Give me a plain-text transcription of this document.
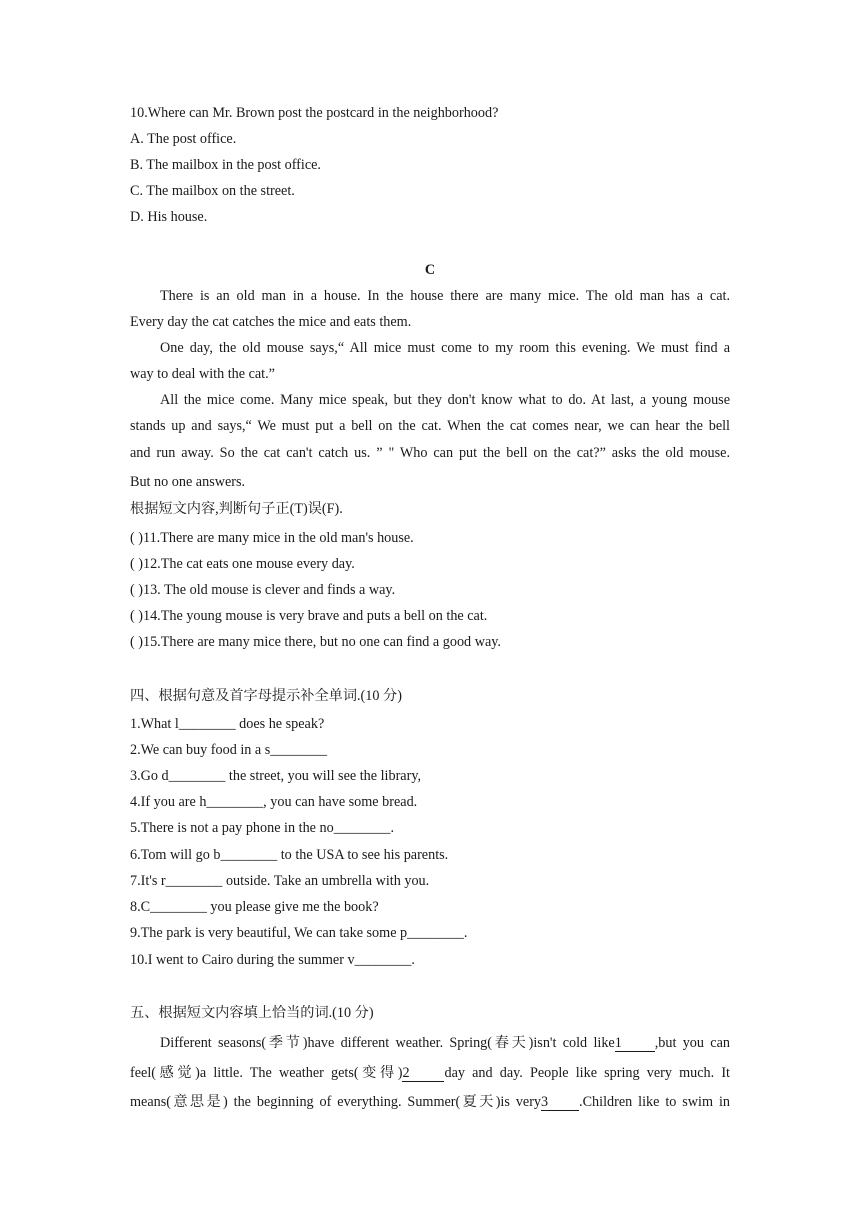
10.Where can Mr. Brown post the postcard in the neighborhood?
A. The post office.
B. The mailbox in the post office.
C. The mailbox on the street.
D. His house.
C
There is an old man in a house. In the house there are many mice. The old man has a cat.
Every day the cat catches the mice and eats them.
One day, the old mouse says,“ All mice must come to my room this evening. We must find a
way to deal with the cat.”
All the mice come. Many mice speak, but they don't know what to do. At last, a young mouse
stands up and says,“ We must put a bell on the cat. When the cat comes near, we can hear the bell
and run away. So the cat can't catch us. ” " Who can put the bell on the cat?” asks the old mouse.
But no one answers.
根据短文内容,判断句子正(T)误(F).
( )11.There are many mice in the old man's house.
( )12.The cat eats one mouse every day.
( )13. The old mouse is clever and finds a way.
( )14.The young mouse is very brave and puts a bell on the cat.
( )15.There are many mice there, but no one can find a good way.
四、根据句意及首字母提示补全单词.(10 分)
1.What l________ does he speak?
2.We can buy food in a s________
3.Go d________ the street, you will see the library,
4.If you are h________, you can have some bread.
5.There is not a pay phone in the no________.
6.Tom will go b________ to the USA to see his parents.
7.It's r________ outside. Take an umbrella with you.
8.C________ you please give me the book?
9.The park is very beautiful, We can take some p________.
10.I went to Cairo during the summer v________.
五、根据短文内容填上恰当的词.(10 分)
Different seasons(季节)have different weather. Spring(春天)isn't cold like1 ,but you can
feel(感觉)a little. The weather gets(变得)2 day and day. People like spring very much. It
means(意思是) the beginning of everything. Summer(夏天)is very3 .Children like to swim in
